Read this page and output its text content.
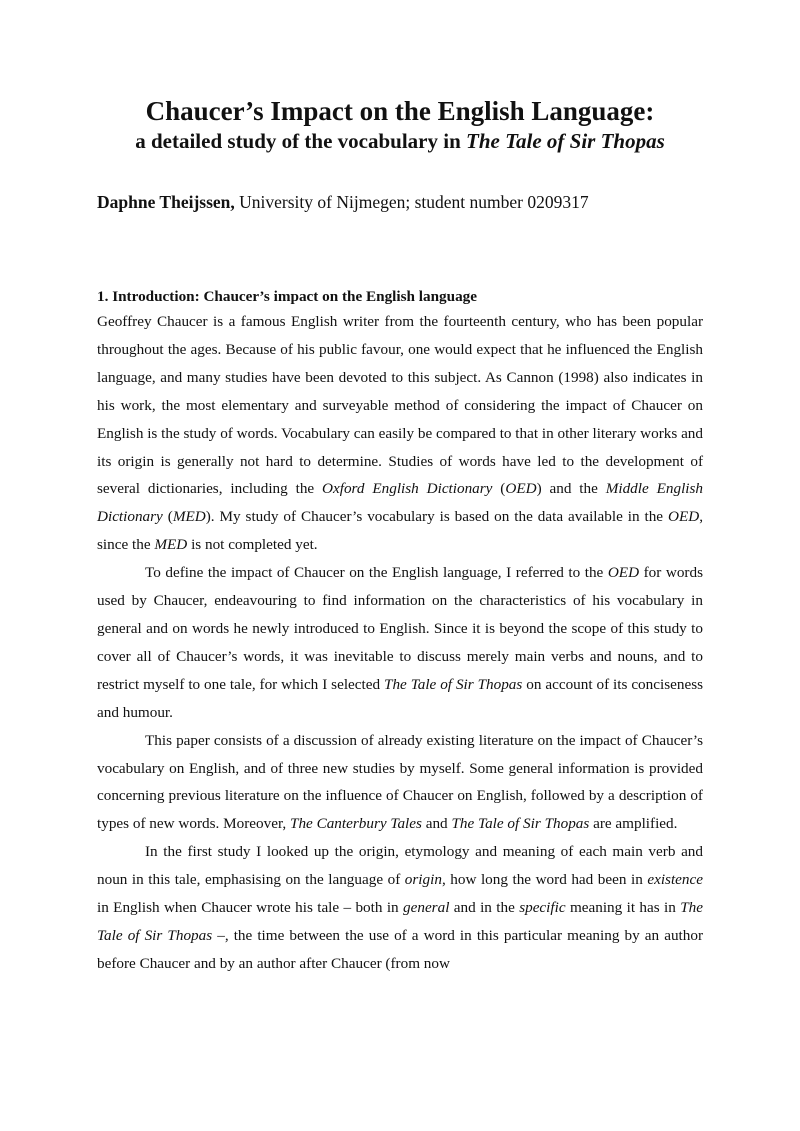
Chaucer’s Impact on the English Language:
a detailed study of the vocabulary in The Tale of Sir Thopas
Daphne Theijssen, University of Nijmegen; student number 0209317
1. Introduction: Chaucer’s impact on the English language

Geoffrey Chaucer is a famous English writer from the fourteenth century, who has been popular throughout the ages. Because of his public favour, one would expect that he influenced the English language, and many studies have been devoted to this subject. As Cannon (1998) also indicates in his work, the most elementary and surveyable method of considering the impact of Chaucer on English is the study of words. Vocabulary can easily be compared to that in other literary works and its origin is generally not hard to determine. Studies of words have led to the development of several dictionaries, including the Oxford English Dictionary (OED) and the Middle English Dictionary (MED). My study of Chaucer’s vocabulary is based on the data available in the OED, since the MED is not completed yet.

To define the impact of Chaucer on the English language, I referred to the OED for words used by Chaucer, endeavouring to find information on the characteristics of his vocabulary in general and on words he newly introduced to English. Since it is beyond the scope of this study to cover all of Chaucer’s words, it was inevitable to discuss merely main verbs and nouns, and to restrict myself to one tale, for which I selected The Tale of Sir Thopas on account of its conciseness and humour.

This paper consists of a discussion of already existing literature on the impact of Chaucer’s vocabulary on English, and of three new studies by myself. Some general information is provided concerning previous literature on the influence of Chaucer on English, followed by a description of types of new words. Moreover, The Canterbury Tales and The Tale of Sir Thopas are amplified.

In the first study I looked up the origin, etymology and meaning of each main verb and noun in this tale, emphasising on the language of origin, how long the word had been in existence in English when Chaucer wrote his tale – both in general and in the specific meaning it has in The Tale of Sir Thopas –, the time between the use of a word in this particular meaning by an author before Chaucer and by an author after Chaucer (from now
